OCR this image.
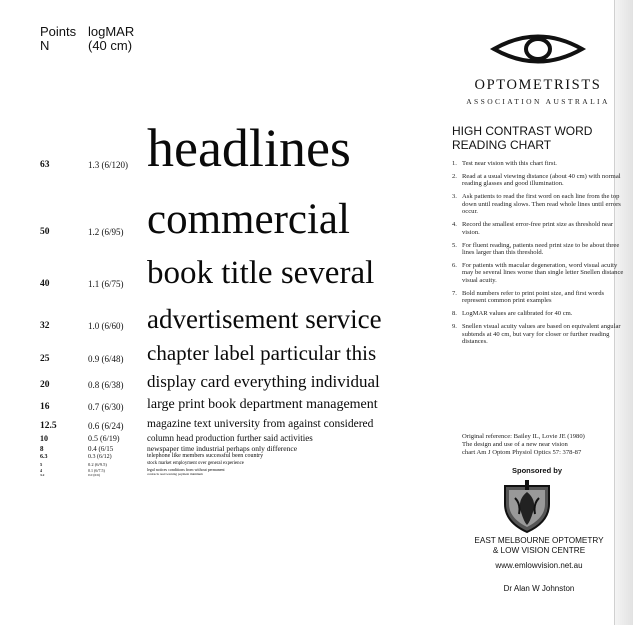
Points
N
logMAR
(40 cm)
63	1.3 (6/120) headlines
50	1.2 (6/95) commercial
40	1.1 (6/75) book title several
32	1.0 (6/60) advertisement service
25	0.9 (6/48) chapter label particular this
20	0.8 (6/38) display card everything individual
16	0.7 (6/30) large print book department management
12.5	0.6 (6/24) magazine text university from against considered
10	0.5 (6/19)	column head production further said activities
8	0.4 (6/15	newspaper time industrial perhaps only difference
6.3	0.3 (6/12)	telephone like members successful been country
5	0.2 (6/9.5)	stock market employment over general experience
4	0.1 (6/7.5)	legal notices conditions from without permanent
3.2	0.0 (6/6)	contracts read warning payment minimum
OPTOMETRISTS
ASSOCIATION AUSTRALIA
HIGH CONTRAST WORD
READING CHART
1. Test near vision with this chart first.
2. Read at a usual viewing distance (about 40 cm) with normal reading glasses and good illumination.
3. Ask patients to read the first word on each line from the top down until reading slows. Then read whole lines until errors occur.
4. Record the smallest error-free print size as threshold near vision.
5. For fluent reading, patients need print size to be about three lines larger than this threshold.
6. For patients with macular degeneration, word visual acuity may be several lines worse than single letter Snellen distance visual acuity.
7. Bold numbers refer to print point size, and first words represent common print examples
8. LogMAR values are calibrated for 40 cm.
9. Snellen visual acuity values are based on equivalent angular subtends at 40 cm, but vary for closer or further reading distances.
Original reference: Bailey IL, Lovie JE (1980)
The design and use of a new near vision
chart Am J Optom Physiol Optics 57: 378-87
Sponsored by
EAST MELBOURNE OPTOMETRY
& LOW VISION CENTRE
www.emlowvision.net.au
Dr Alan W Johnston
